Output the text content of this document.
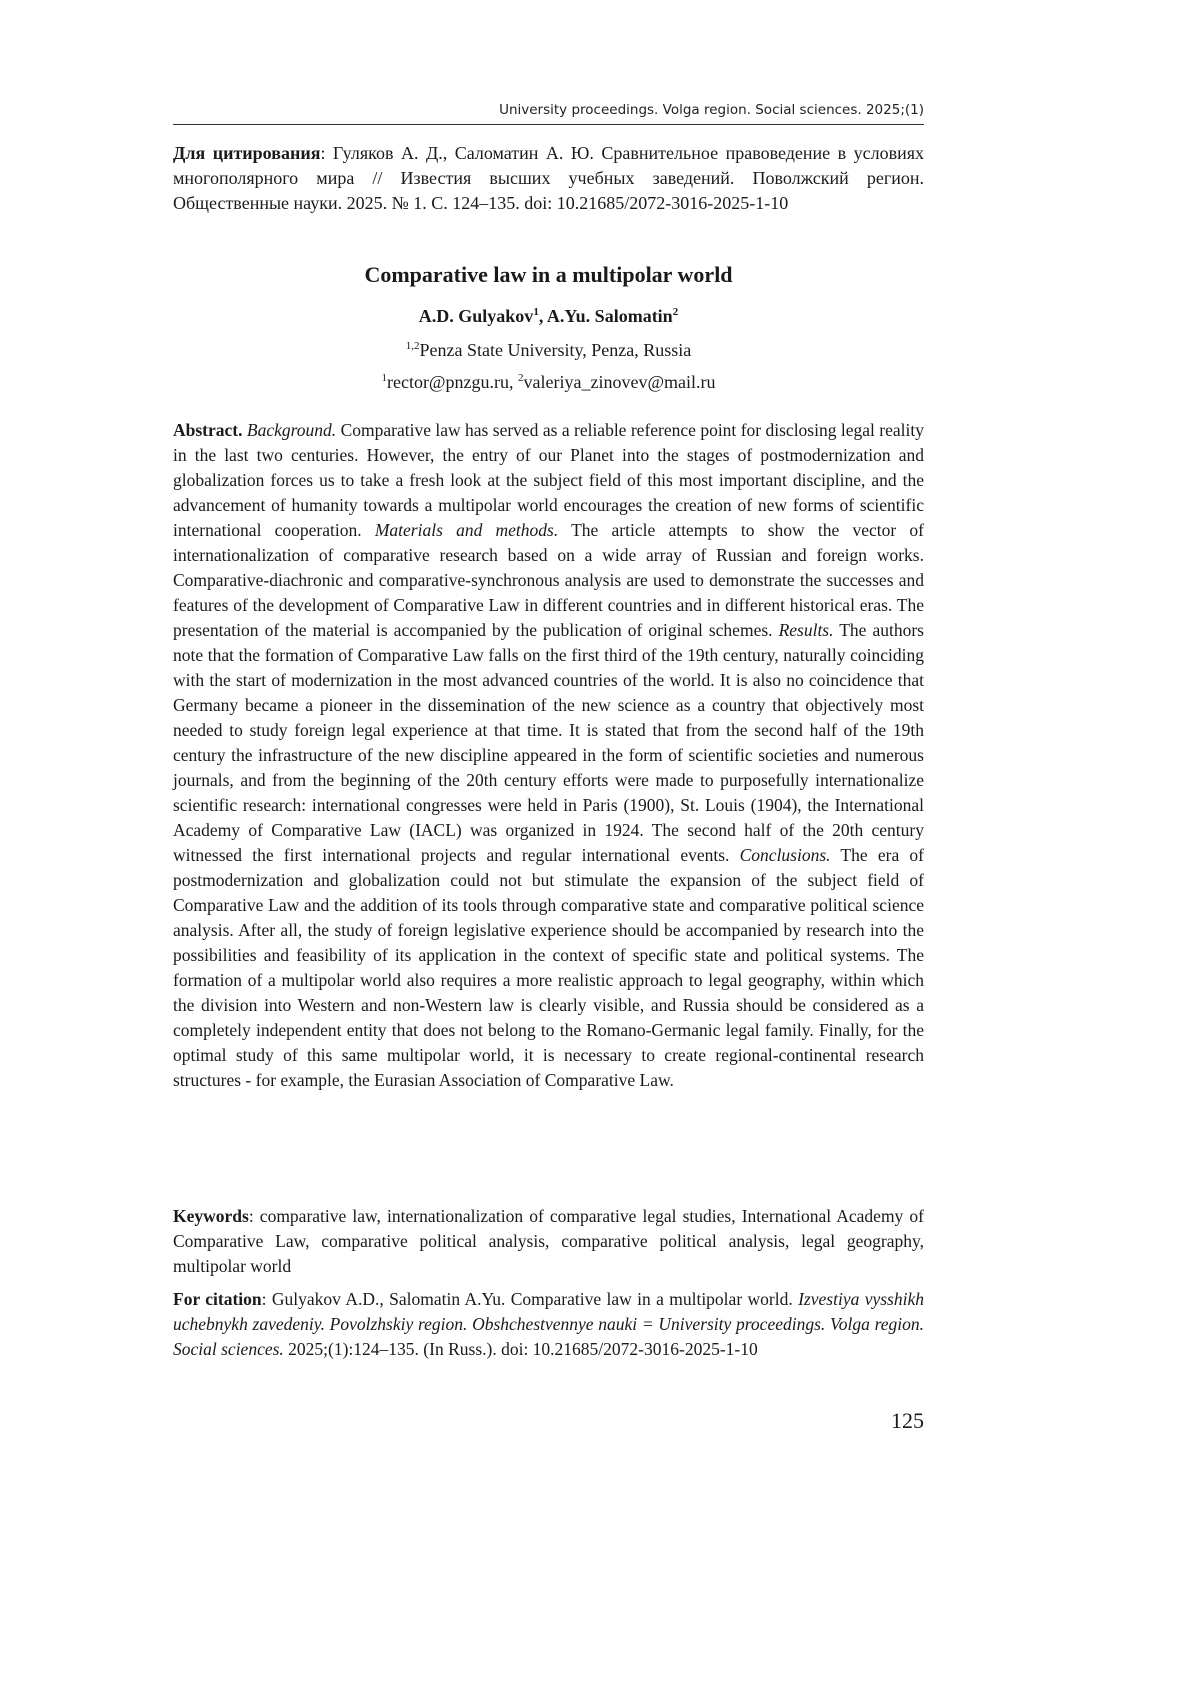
University proceedings. Volga region. Social sciences. 2025;(1)
Для цитирования: Гуляков А. Д., Саломатин А. Ю. Сравнительное правоведение в условиях многополярного мира // Известия высших учебных заведений. Поволжский регион. Общественные науки. 2025. № 1. С. 124–135. doi: 10.21685/2072-3016-2025-1-10
Comparative law in a multipolar world
A.D. Gulyakov$^1$, A.Yu. Salomatin$^2$
$^{1,2}$Penza State University, Penza, Russia
$^1$rector@pnzgu.ru, $^2$valeriya_zinovev@mail.ru
Abstract. Background. Comparative law has served as a reliable reference point for disclosing legal reality in the last two centuries. However, the entry of our Planet into the stages of postmodernization and globalization forces us to take a fresh look at the subject field of this most important discipline, and the advancement of humanity towards a multipolar world encourages the creation of new forms of scientific international cooperation. Materials and methods. The article attempts to show the vector of internationalization of comparative research based on a wide array of Russian and foreign works. Comparative-diachronic and comparative-synchronous analysis are used to demonstrate the successes and features of the development of Comparative Law in different countries and in different historical eras. The presentation of the material is accompanied by the publication of original schemes. Results. The authors note that the formation of Comparative Law falls on the first third of the 19th century, naturally coinciding with the start of modernization in the most advanced countries of the world. It is also no coincidence that Germany became a pioneer in the dissemination of the new science as a country that objectively most needed to study foreign legal experience at that time. It is stated that from the second half of the 19th century the infrastructure of the new discipline appeared in the form of scientific societies and numerous journals, and from the beginning of the 20th century efforts were made to purposefully internationalize scientific research: international congresses were held in Paris (1900), St. Louis (1904), the International Academy of Comparative Law (IACL) was organized in 1924. The second half of the 20th century witnessed the first international projects and regular international events. Conclusions. The era of postmodernization and globalization could not but stimulate the expansion of the subject field of Comparative Law and the addition of its tools through comparative state and comparative political science analysis. After all, the study of foreign legislative experience should be accompanied by research into the possibilities and feasibility of its application in the context of specific state and political systems. The formation of a multipolar world also requires a more realistic approach to legal geography, within which the division into Western and non-Western law is clearly visible, and Russia should be considered as a completely independent entity that does not belong to the Romano-Germanic legal family. Finally, for the optimal study of this same multipolar world, it is necessary to create regional-continental research structures - for example, the Eurasian Association of Comparative Law.
Keywords: comparative law, internationalization of comparative legal studies, International Academy of Comparative Law, comparative political analysis, comparative political analysis, legal geography, multipolar world
For citation: Gulyakov A.D., Salomatin A.Yu. Comparative law in a multipolar world. Izvestiya vysshikh uchebnykh zavedeniy. Povolzhskiy region. Obshchestvennye nauki = University proceedings. Volga region. Social sciences. 2025;(1):124–135. (In Russ.). doi: 10.21685/2072-3016-2025-1-10
125
